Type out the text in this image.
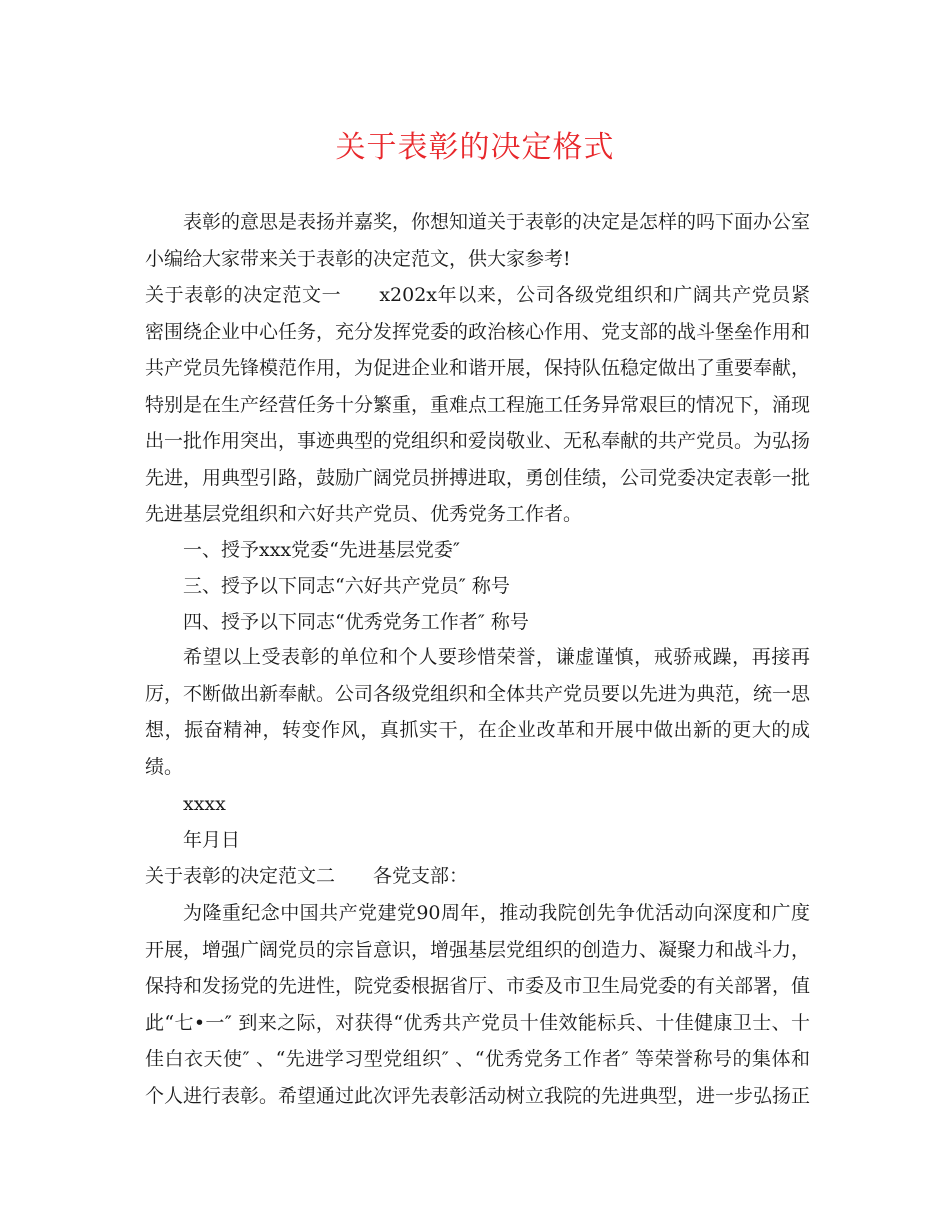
关于表彰的决定格式

表彰的意思是表扬并嘉奖，你想知道关于表彰的决定是怎样的吗下面办公室小编给大家带来关于表彰的决定范文，供大家参考!

关于表彰的决定范文一 x202x年以来，公司各级党组织和广阔共产党员紧密围绕企业中心任务，充分发挥党委的政治核心作用、党支部的战斗堡垒作用和共产党员先锋模范作用，为促进企业和谐开展，保持队伍稳定做出了重要奉献，特别是在生产经营任务十分繁重，重难点工程施工任务异常艰巨的情况下，涌现出一批作用突出，事迹典型的党组织和爱岗敬业、无私奉献的共产党员。为弘扬先进，用典型引路，鼓励广阔党员拼搏进取，勇创佳绩，公司党委决定表彰一批先进基层党组织和六好共产党员、优秀党务工作者。

一、授予xxx党委“先进基层党委″

三、授予以下同志“六好共产党员″ 称号

四、授予以下同志“优秀党务工作者″ 称号

希望以上受表彰的单位和个人要珍惜荣誉，谦虚谨慎，戒骄戒躁，再接再厉，不断做出新奉献。公司各级党组织和全体共产党员要以先进为典范，统一思想，振奋精神，转变作风，真抓实干，在企业改革和开展中做出新的更大的成绩。

xxxx

年月日

关于表彰的决定范文二 各党支部：

为隆重纪念中国共产党建党90周年，推动我院创先争优活动向深度和广度开展，增强广阔党员的宗旨意识，增强基层党组织的创造力、凝聚力和战斗力，保持和发扬党的先进性，院党委根据省厅、市委及市卫生局党委的有关部署，值此“七•一″ 到来之际，对获得“优秀共产党员十佳效能标兵、十佳健康卫士、十佳白衣天使″ 、“先进学习型党组织″ 、“优秀党务工作者″ 等荣誉称号的集体和个人进行表彰。希望通过此次评先表彰活动树立我院的先进典型，进一步弘扬正
